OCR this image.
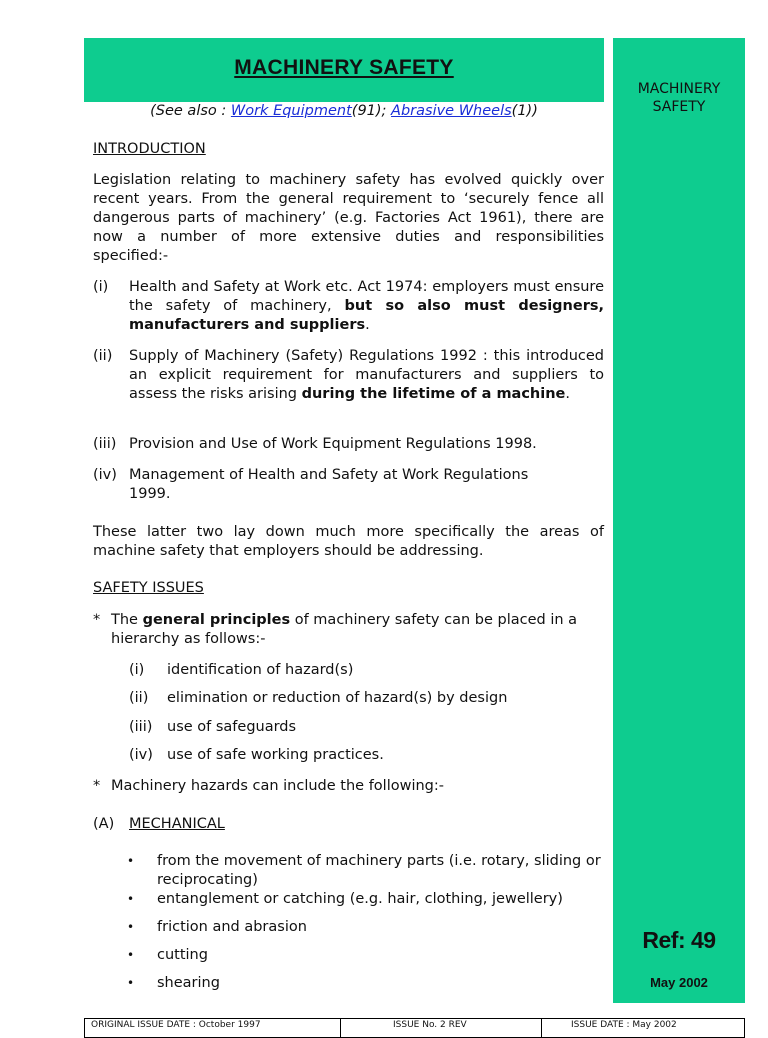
MACHINERY SAFETY
(See also : Work Equipment(91); Abrasive Wheels(1))
MACHINERY
SAFETY
Ref: 49
May 2002
INTRODUCTION
Legislation relating to machinery safety has evolved quickly over recent years. From the general requirement to ‘securely fence all dangerous parts of machinery’ (e.g. Factories Act 1961), there are now a number of more extensive duties and responsibilities specified:-
(i) Health and Safety at Work etc. Act 1974: employers must ensure the safety of machinery, but so also must designers, manufacturers and suppliers.
(ii) Supply of Machinery (Safety) Regulations 1992 : this introduced an explicit requirement for manufacturers and suppliers to assess the risks arising during the lifetime of a machine.
(iii) Provision and Use of Work Equipment Regulations 1998.
(iv) Management of Health and Safety at Work Regulations 1999.
These latter two lay down much more specifically the areas of machine safety that employers should be addressing.
SAFETY ISSUES
* The general principles of machinery safety can be placed in a hierarchy as follows:-
(i) identification of hazard(s)
(ii) elimination or reduction of hazard(s) by design
(iii) use of safeguards
(iv) use of safe working practices.
* Machinery hazards can include the following:-
(A) MECHANICAL
• from the movement of machinery parts (i.e. rotary, sliding or reciprocating)
• entanglement or catching (e.g. hair, clothing, jewellery)
• friction and abrasion
• cutting
• shearing
ORIGINAL ISSUE DATE : October 1997	ISSUE No. 2 REV	ISSUE DATE : May 2002
